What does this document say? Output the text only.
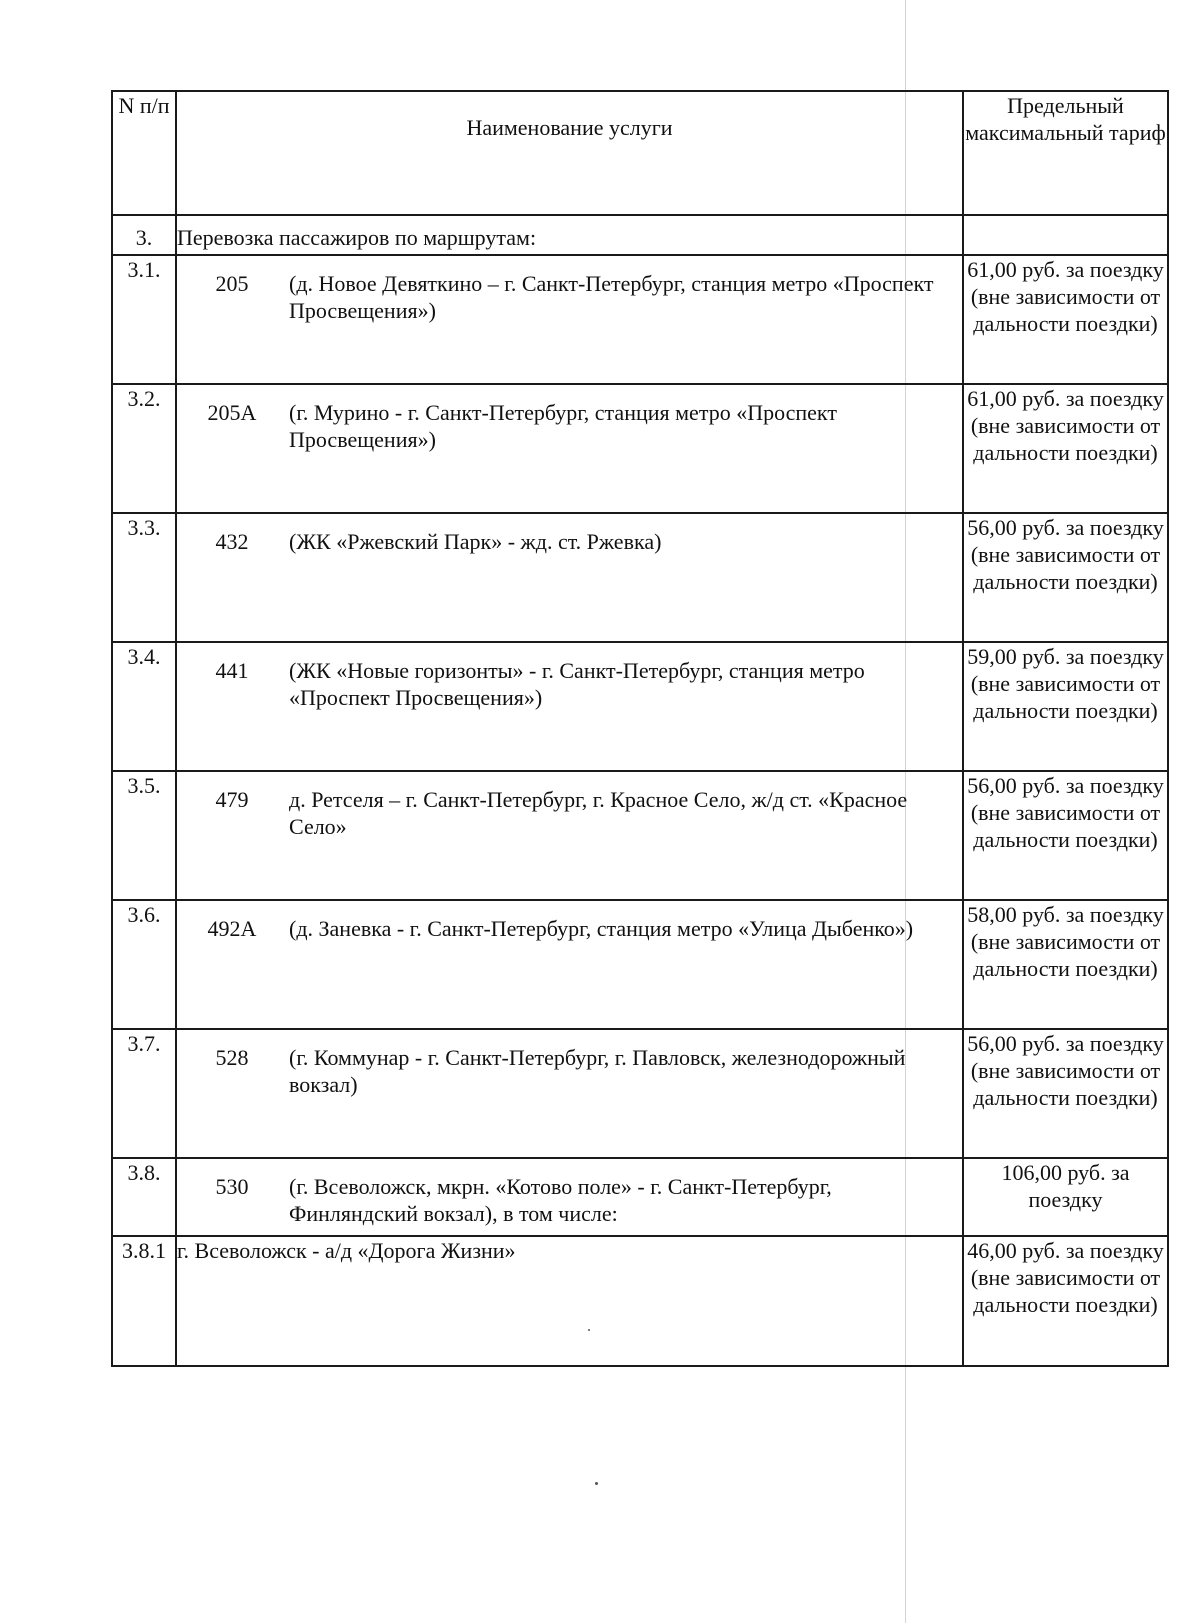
N п/п	Наименование услуги	Предельный максимальный тариф
3.	Перевозка пассажиров по маршрутам:	
3.1.	205 (д. Новое Девяткино – г. Санкт-Петербург, станция метро «Проспект Просвещения»)	61,00 руб. за поездку (вне зависимости от дальности поездки)
3.2.	205А (г. Мурино - г. Санкт-Петербург, станция метро «Проспект Просвещения»)	61,00 руб. за поездку (вне зависимости от дальности поездки)
3.3.	432 (ЖК «Ржевский Парк» - жд. ст. Ржевка)	56,00 руб. за поездку (вне зависимости от дальности поездки)
3.4.	441 (ЖК «Новые горизонты» - г. Санкт-Петербург, станция метро «Проспект Просвещения»)	59,00 руб. за поездку (вне зависимости от дальности поездки)
3.5.	479 д. Ретселя – г. Санкт-Петербург, г. Красное Село, ж/д ст. «Красное Село»	56,00 руб. за поездку (вне зависимости от дальности поездки)
3.6.	492А (д. Заневка - г. Санкт-Петербург, станция метро «Улица Дыбенко»)	58,00 руб. за поездку (вне зависимости от дальности поездки)
3.7.	528 (г. Коммунар - г. Санкт-Петербург, г. Павловск, железнодорожный вокзал)	56,00 руб. за поездку (вне зависимости от дальности поездки)
3.8.	530 (г. Всеволожск, мкрн. «Котово поле» - г. Санкт-Петербург, Финляндский вокзал), в том числе:	106,00 руб. за поездку
3.8.1	г. Всеволожск - а/д «Дорога Жизни»	46,00 руб. за поездку (вне зависимости от дальности поездки)
